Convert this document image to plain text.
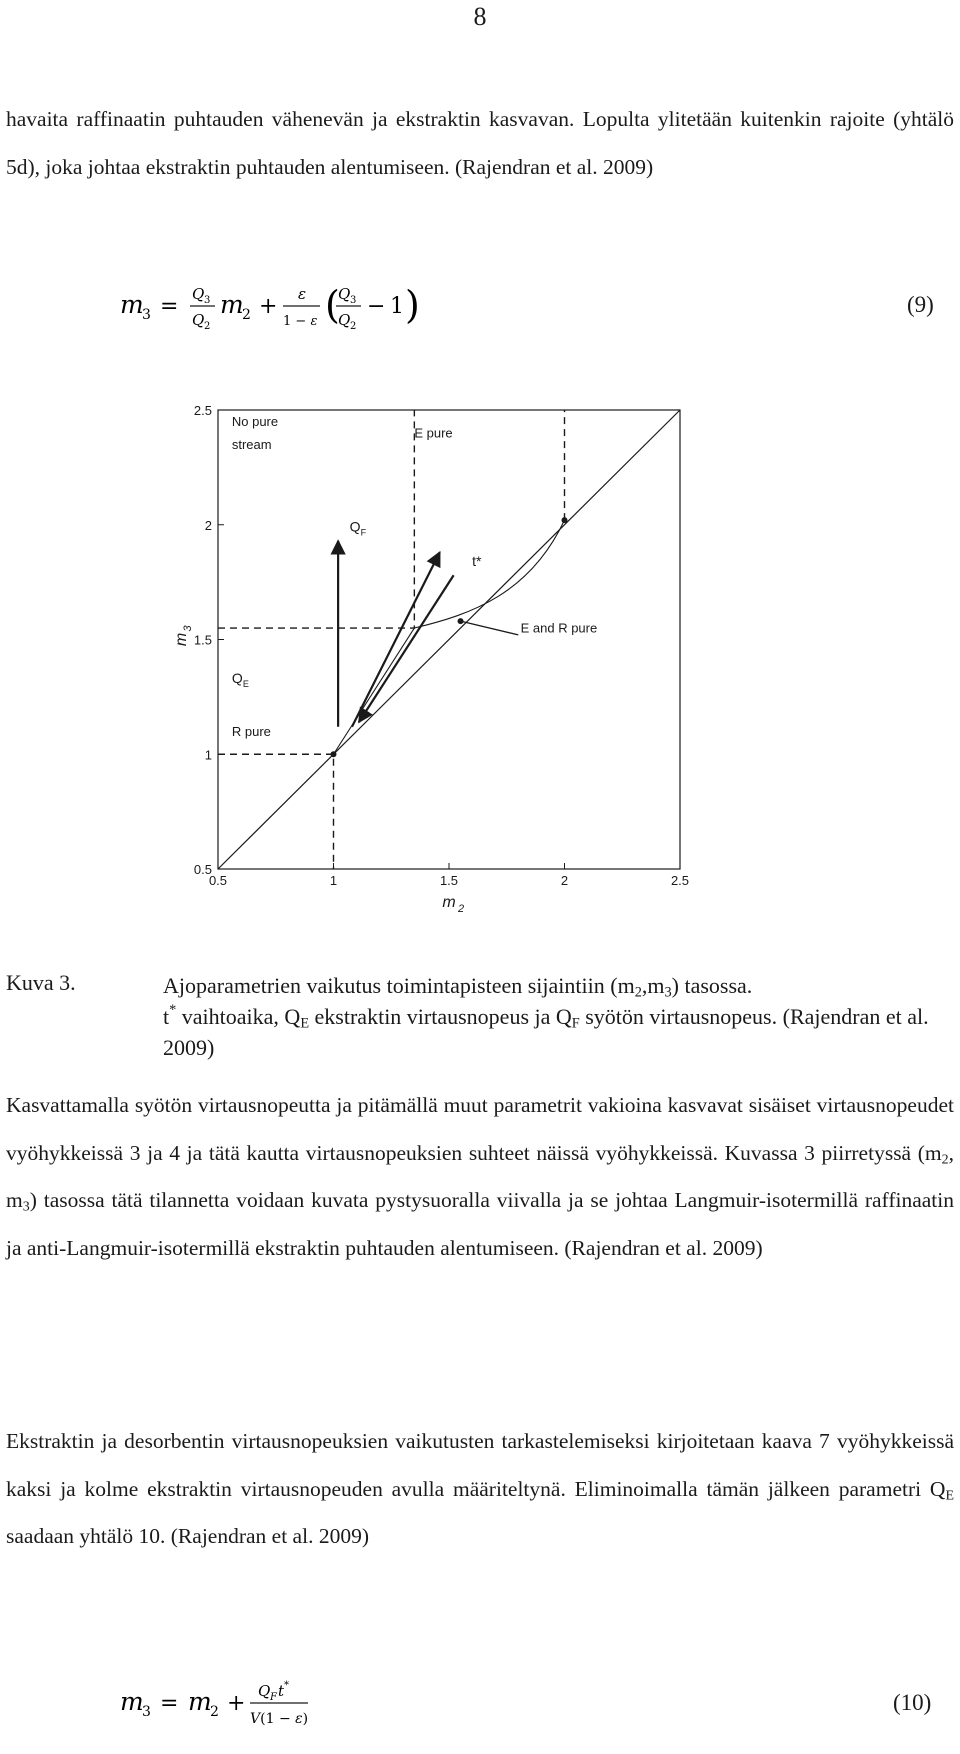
8

havaita raffinaatin puhtauden vähenevän ja ekstraktin kasvavan. Lopulta ylitetään kuitenkin rajoite (yhtälö 5d), joka johtaa ekstraktin puhtauden alentumiseen. (Rajendran et al. 2009)

m
3 = Q 3
Q 2
m
2 + ε
1 − ε (
Q 3
Q 2
− 1 )	(9)
0.5	1	1.5	2	2.5
0.5
1
1.5
2
2.5
m 2
m
3
No pure
stream
E pure
E and R pure
R pure
Q F
Q E
t*
Kuva 3.	Ajoparametrien vaikutus toimintapisteen sijaintiin $(m_2,m_3)$ tasossa.
t* vaihtoaika, $Q_E$ ekstraktin virtausnopeus ja $Q_F$ syötön virtausnopeus. (Rajendran et al. 2009)

Kasvattamalla syötön virtausnopeutta ja pitämällä muut parametrit vakioina kasvavat sisäiset virtausnopeudet vyöhykkeissä 3 ja 4 ja tätä kautta virtausnopeuksien suhteet näissä vyöhykkeissä. Kuvassa 3 piirretyssä ($m_2$, $m_3$) tasossa tätä tilannetta voidaan kuvata pystysuoralla viivalla ja se johtaa Langmuir-isotermillä raffinaatin ja anti-Langmuir-isotermillä ekstraktin puhtauden alentumiseen. (Rajendran et al. 2009)

Ekstraktin ja desorbentin virtausnopeuksien vaikutusten tarkastelemiseksi kirjoitetaan kaava 7 vyöhykkeissä kaksi ja kolme ekstraktin virtausnopeuden avulla määriteltynä. Eliminoimalla tämän jälkeen parametri $Q_E$ saadaan yhtälö 10. (Rajendran et al. 2009)

m
3 = m
2 + Q F t *
V(1 − ε)
(10)
